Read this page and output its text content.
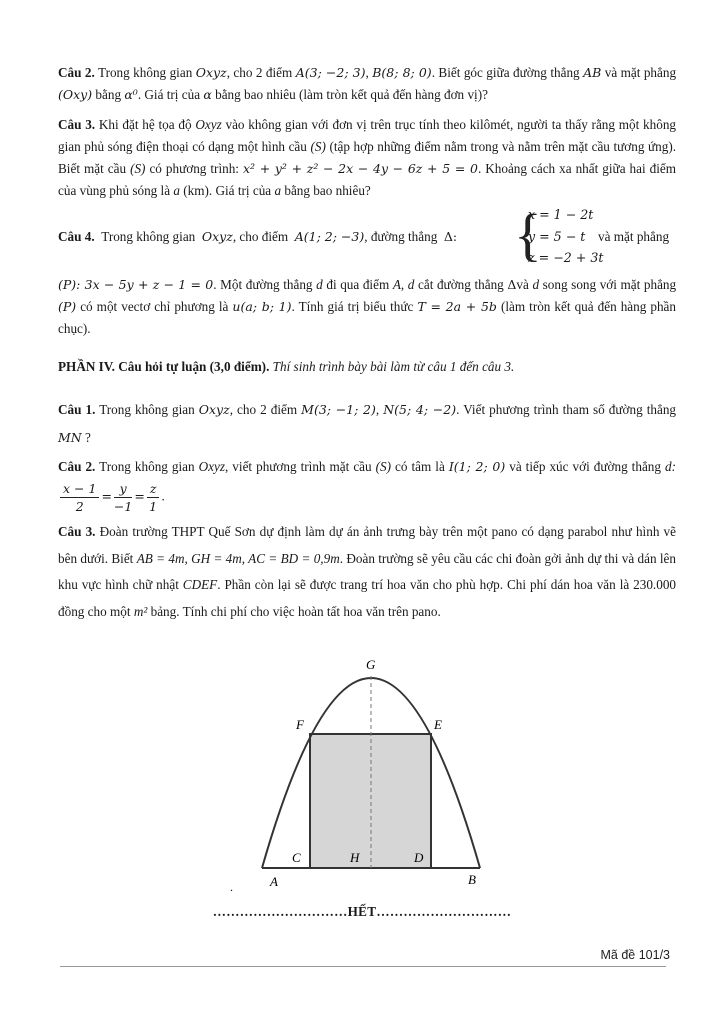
Câu 2. Trong không gian Oxyz, cho 2 điểm A(3; −2; 3), B(8; 8; 0). Biết góc giữa đường thẳng AB và mặt phẳng (Oxy) bằng α⁰. Giá trị của α bằng bao nhiêu (làm tròn kết quả đến hàng đơn vị)?

Câu 3. Khi đặt hệ tọa độ Oxyz vào không gian với đơn vị trên trục tính theo kilômét, người ta thấy rằng một không gian phủ sóng điện thoại có dạng một hình cầu (S) (tập hợp những điểm nằm trong và nằm trên mặt cầu tương ứng). Biết mặt cầu (S) có phương trình: x² + y² + z² − 2x − 4y − 6z + 5 = 0. Khoảng cách xa nhất giữa hai điểm của vùng phủ sóng là a (km). Giá trị của a bằng bao nhiêu?

Câu 4. Trong không gian Oxyz, cho điểm A(1; 2; −3), đường thẳng Δ: {
x = 1 − 2t
y = 5 − t
z = −2 + 3t
và mặt phẳng

(P): 3x − 5y + z − 1 = 0. Một đường thẳng d đi qua điểm A, d cắt đường thẳng Δvà d song song với mặt phẳng (P) có một vectơ chỉ phương là u(a; b; 1). Tính giá trị biểu thức T = 2a + 5b (làm tròn kết quả đến hàng phần chục).

PHẦN IV. Câu hỏi tự luận (3,0 điểm). Thí sinh trình bày bài làm từ câu 1 đến câu 3.

Câu 1. Trong không gian Oxyz, cho 2 điểm M(3; −1; 2), N(5; 4; −2). Viết phương trình tham số đường thẳng MN ?

Câu 2. Trong không gian Oxyz, viết phương trình mặt cầu (S) có tâm là I(1; 2; 0) và tiếp xúc với đường thẳng d:
$\frac{x - 1}{2} = \frac{y}{-1} = \frac{z}{1}$ .

Câu 3. Đoàn trường THPT Quế Sơn dự định làm dự án ảnh trưng bày trên một pano có dạng parabol như hình vẽ bên dưới. Biết AB = 4m, GH = 4m, AC = BD = 0,9m. Đoàn trường sẽ yêu cầu các chi đoàn gởi ảnh dự thi và dán lên khu vực hình chữ nhật CDEF. Phần còn lại sẽ được trang trí hoa văn cho phù hợp. Chi phí dán hoa văn là 230.000 đồng cho một m² bảng. Tính chi phí cho việc hoàn tất hoa văn trên pano.

G
F	E
C	H	D
A	B
.
…………………………HẾT…………………………
Mã đề 101/3
